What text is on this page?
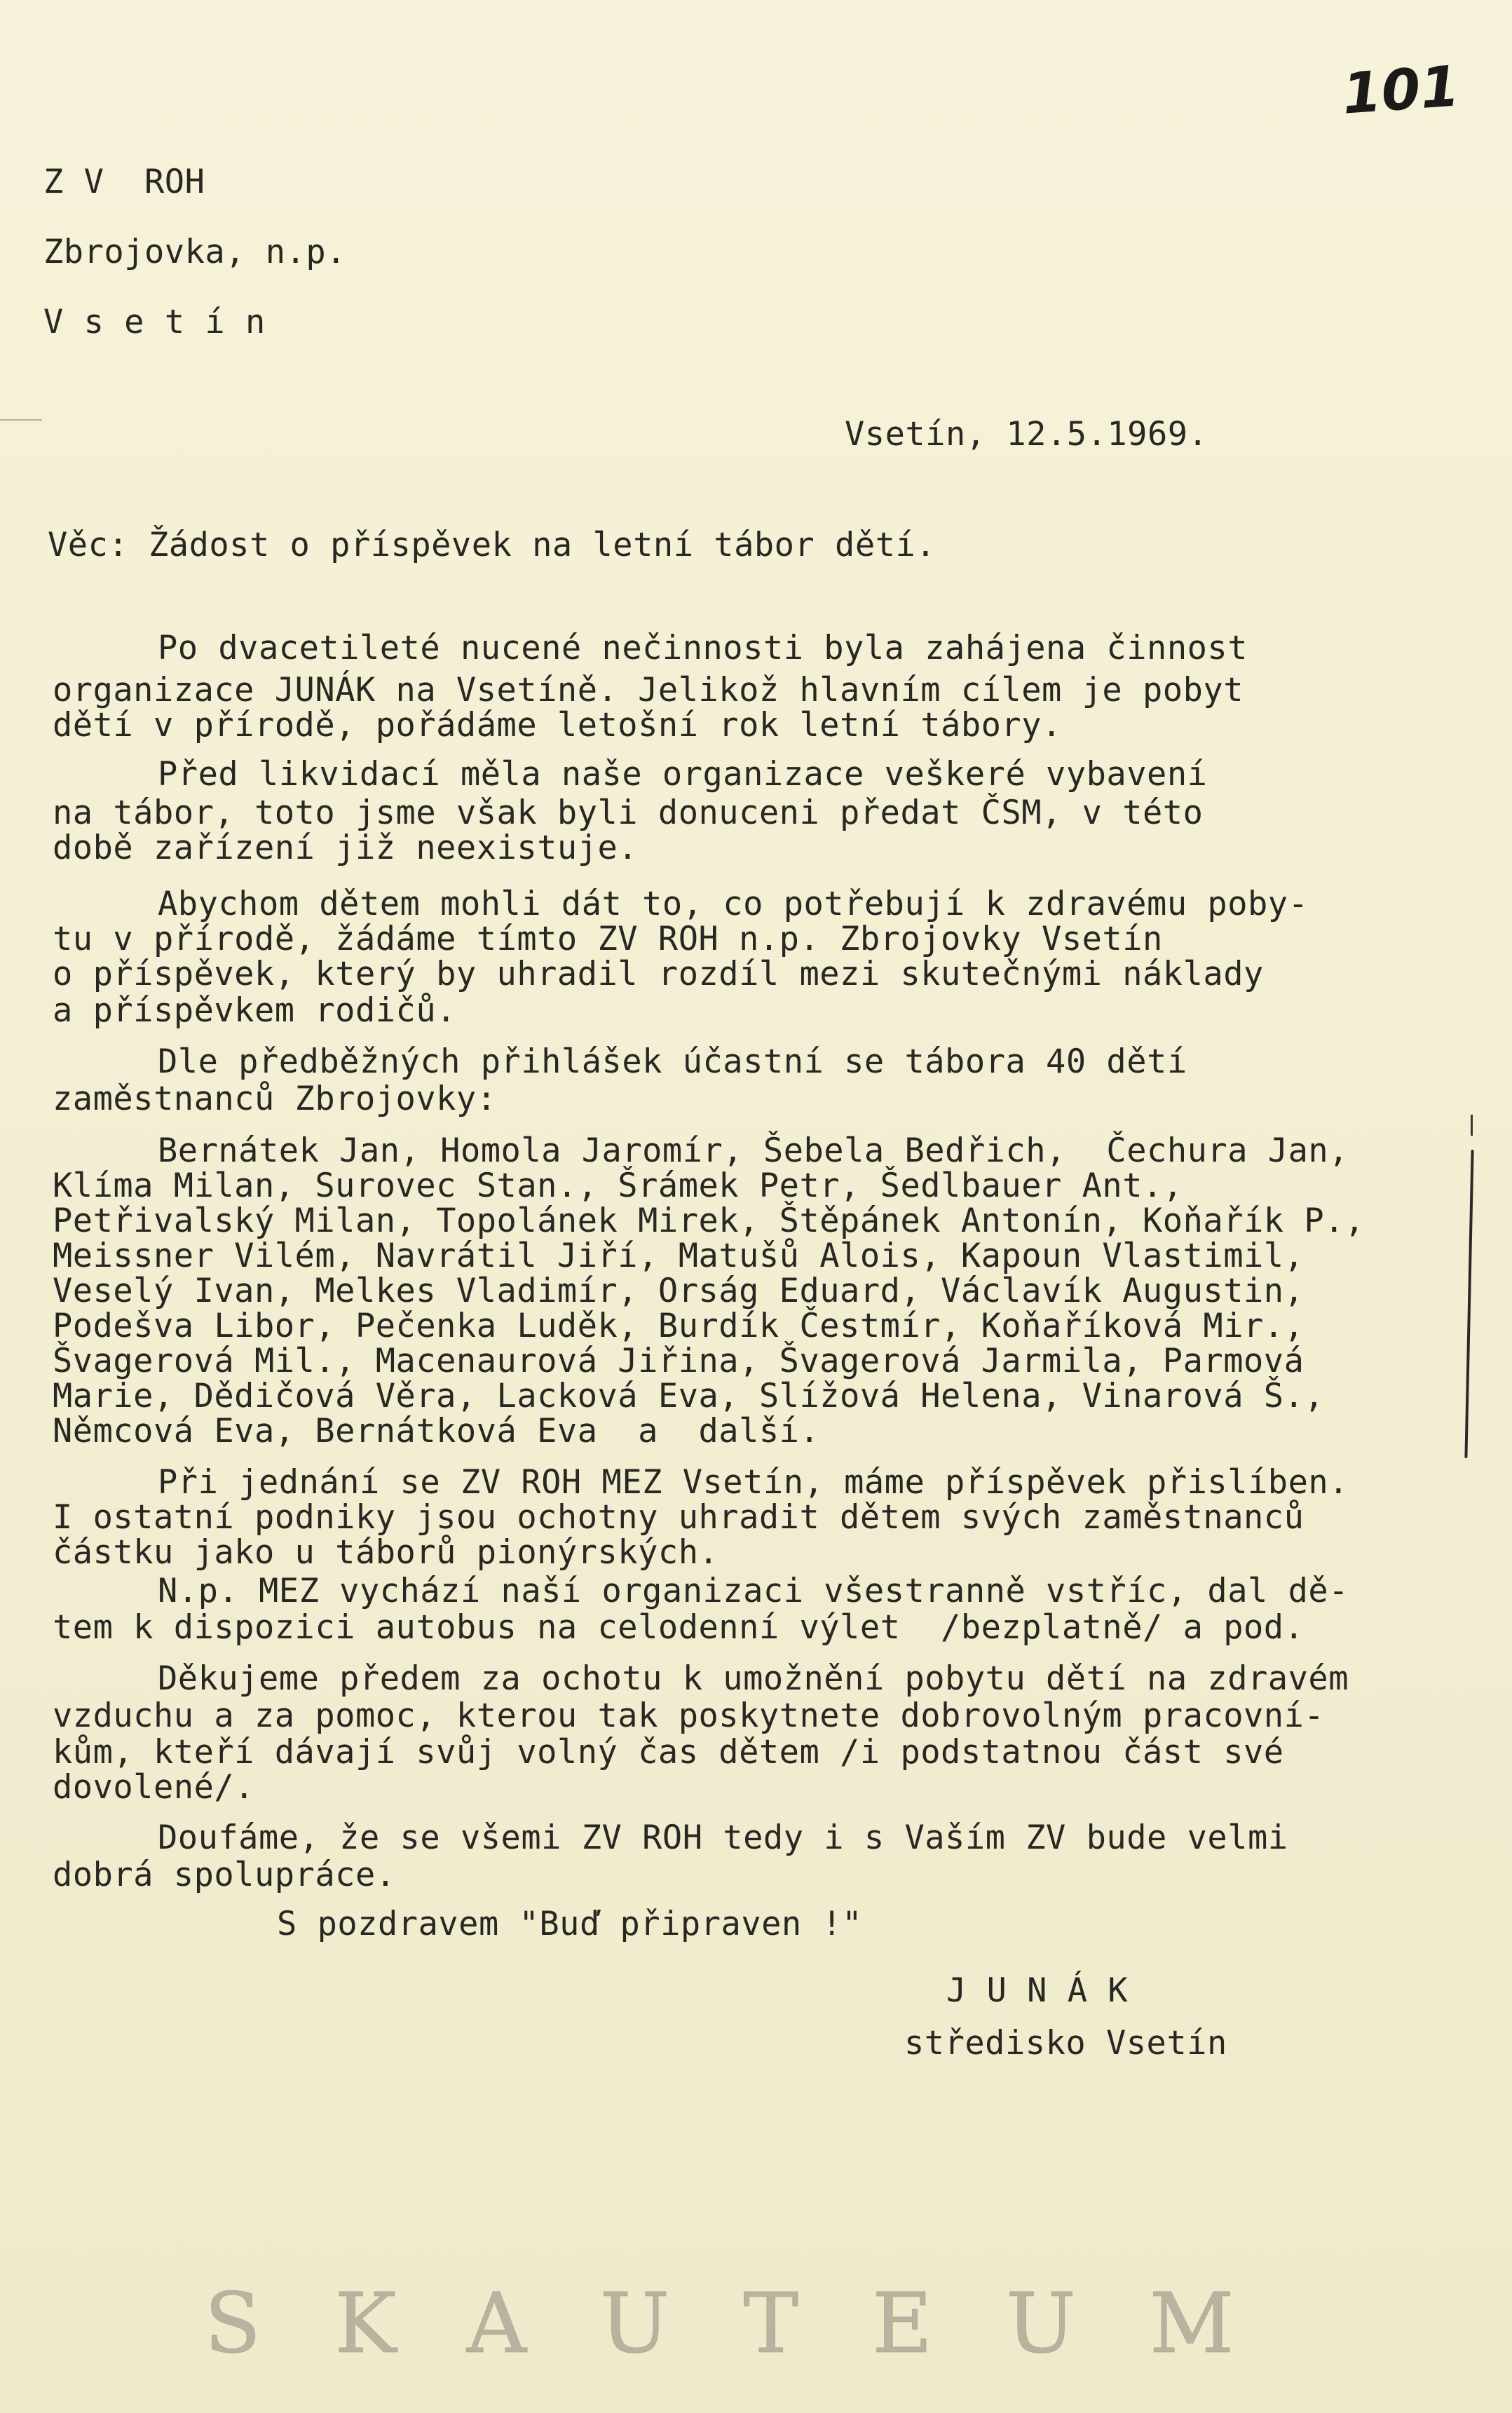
101
Z V  ROH
Zbrojovka, n.p.
V s e t í n
Vsetín, 12.5.1969.
Věc: Žádost o příspěvek na letní tábor dětí.
Po dvacetileté nucené nečinnosti byla zahájena činnost
organizace JUNÁK na Vsetíně. Jelikož hlavním cílem je pobyt
dětí v přírodě, pořádáme letošní rok letní tábory.
Před likvidací měla naše organizace veškeré vybavení
na tábor, toto jsme však byli donuceni předat ČSM, v této
době zařízení již neexistuje.
Abychom dětem mohli dát to, co potřebují k zdravému poby-
tu v přírodě, žádáme tímto ZV ROH n.p. Zbrojovky Vsetín
o příspěvek, který by uhradil rozdíl mezi skutečnými náklady
a příspěvkem rodičů.
Dle předběžných přihlášek účastní se tábora 40 dětí
zaměstnanců Zbrojovky:
Bernátek Jan, Homola Jaromír, Šebela Bedřich,  Čechura Jan,
Klíma Milan, Surovec Stan., Šrámek Petr, Šedlbauer Ant.,
Petřivalský Milan, Topolánek Mirek, Štěpánek Antonín, Koňařík P.,
Meissner Vilém, Navrátil Jiří, Matušů Alois, Kapoun Vlastimil,
Veselý Ivan, Melkes Vladimír, Orság Eduard, Václavík Augustin,
Podešva Libor, Pečenka Luděk, Burdík Čestmír, Koňaříková Mir.,
Švagerová Mil., Macenaurová Jiřina, Švagerová Jarmila, Parmová
Marie, Dědičová Věra, Lacková Eva, Slížová Helena, Vinarová Š.,
Němcová Eva, Bernátková Eva  a  další.
Při jednání se ZV ROH MEZ Vsetín, máme příspěvek přislíben.
I ostatní podniky jsou ochotny uhradit dětem svých zaměstnanců
částku jako u táborů pionýrských.
N.p. MEZ vychází naší organizaci všestranně vstříc, dal dě-
tem k dispozici autobus na celodenní výlet  /bezplatně/ a pod.
Děkujeme předem za ochotu k umožnění pobytu dětí na zdravém
vzduchu a za pomoc, kterou tak poskytnete dobrovolným pracovní-
kům, kteří dávají svůj volný čas dětem /i podstatnou část své
dovolené/.
Doufáme, že se všemi ZV ROH tedy i s Vaším ZV bude velmi
dobrá spolupráce.
S pozdravem "Buď připraven !"
J U N Á K
středisko Vsetín
SKAUTEUM
